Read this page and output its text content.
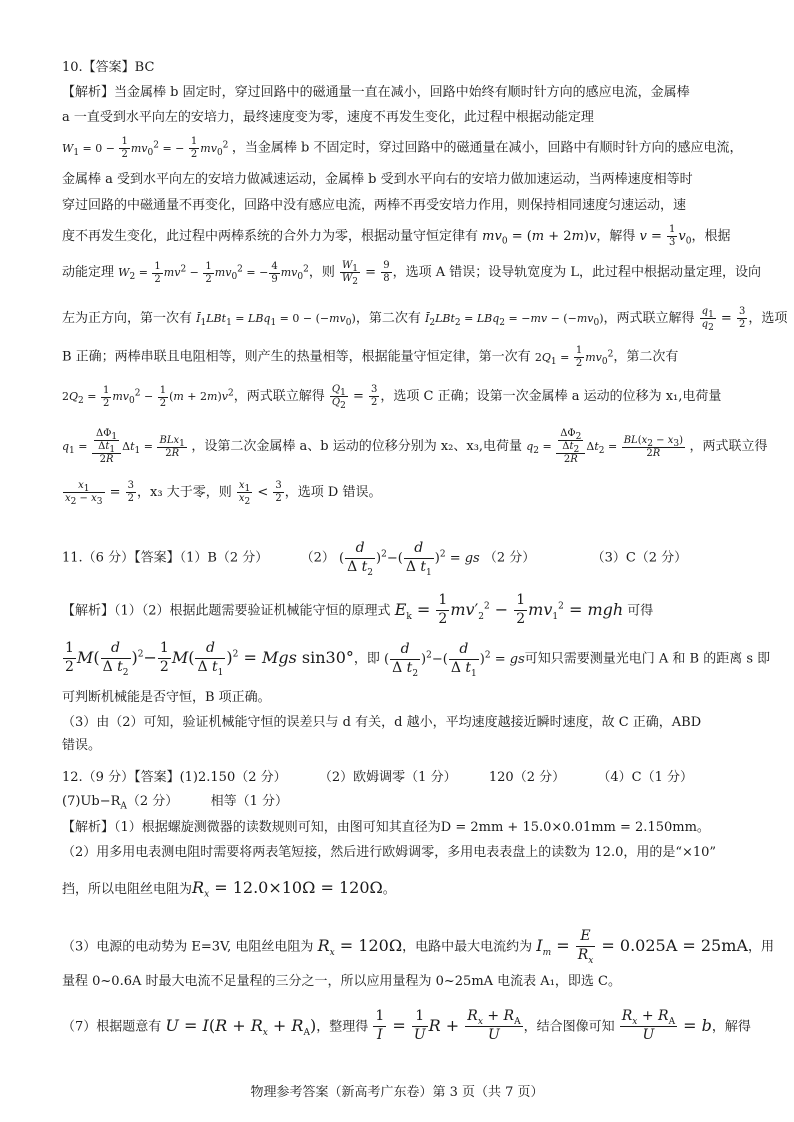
10.【答案】BC
【解析】当金属棒 b 固定时，穿过回路中的磁通量一直在减小，回路中始终有顺时针方向的感应电流，金属棒
a 一直受到水平向左的安培力，最终速度变为零，速度不再发生变化，此过程中根据动能定理
$W_1 = 0 - \frac{1}{2} mv_0^2$ = − $\frac{1}{2} mv_0^2$ ，当金属棒 b 不固定时，穿过回路中的磁通量在减小，回路中有顺时针方向的感应电流，
金属棒 a 受到水平向左的安培力做减速运动，金属棒 b 受到水平向右的安培力做加速运动，当两棒速度相等时
穿过回路的中磁通量不再变化，回路中没有感应电流，两棒不再受安培力作用，则保持相同速度匀速运动，速
度不再发生变化，此过程中两棒系统的合外力为零，根据动量守恒定律有 $mv_0 = (m + 2m)v$，解得 $v = \frac{1}{3} v_0$，根据
动能定理 $W_2 = \frac{1}{2} mv^2 - \frac{1}{2} mv_0^2$ = − $\frac{4}{9} mv_0^2$，则 $\frac{W_1}{W_2} = \frac{9}{8}$ ，选项 A 错误；设导轨宽度为 L，此过程中根据动量定理，设向
左为正方向，第一次有 $Ī_1LBt_1 = LBq_1 = 0 - (-mv_0)$，第二次有 $Ī_2LBt_2 = LBq_2 = -mv - (-mv_0)$，两式联立解得 $\frac{q_1}{q_2} = \frac{3}{2}$ ，选项
B 正确；两棒串联且电阻相等，则产生的热量相等，根据能量守恒定律，第一次有 $2Q_1 = \frac{1}{2} mv_0^2$，第二次有
$2Q_2 = \frac{1}{2} mv_0^2 - \frac{1}{2} (m + 2m)v^2$，两式联立解得 $\frac{Q_1}{Q_2} = \frac{3}{2}$ ，选项 C 正确；设第一次金属棒 a 运动的位移为 x₁,电荷量
$q_1 = \frac{\frac{\Delta\Phi_1}{\Delta t_1}}{2R} \Delta t_1 = \frac{BLx_1}{2R}$ ，设第二次金属棒 a、b 运动的位移分别为 x₂、x₃,电荷量 $q_2 = \frac{\frac{\Delta\Phi_2}{\Delta t_2}}{2R} \Delta t_2 = \frac{BL(x_2 - x_3)}{2R}$ ，两式联立得
$\frac{x_1}{x_2 - x_3} = \frac{3}{2}$ ，x₃ 大于零，则 $\frac{x_1}{x_2} < \frac{3}{2}$ ，选项 D 错误。
11.（6 分）【答案】（1）B（2 分） （2） ( $\frac{d}{\Delta t_2} )^2-( \frac{d}{\Delta t_1} )^2$ = gs （2 分）	（3）C（2 分）
【解析】（1）（2）根据此题需要验证机械能守恒的原理式 $E_k = \frac{1}{2} mv'_2^2 - \frac{1}{2} mv_1^2$ = mgh 可得
$\frac{1}{2} M( \frac{d}{\Delta t_2} )^2- \frac{1}{2} M( \frac{d}{\Delta t_1} )^2$ = Mgs sin30°，即 ( $\frac{d}{\Delta t_2} )^2-( \frac{d}{\Delta t_1} )^2$ = gs可知只需要测量光电门 A 和 B 的距离 s 即
可判断机械能是否守恒，B 项正确。
（3）由（2）可知，验证机械能守恒的误差只与 d 有关，d 越小，平均速度越接近瞬时速度，故 C 正确，ABD
错误。
12.（9 分）【答案】(1)2.150（2 分） （2）欧姆调零（1 分） 120（2 分） （4）C（1 分）
$(7)Ub-R_A(2$ 分） 相等（1 分）
【解析】（1）根据螺旋测微器的读数规则可知，由图可知其直径为D = 2mm + 15.0×0.01mm = 2.150mm。
（2）用多用电表测电阻时需要将两表笔短接，然后进行欧姆调零，多用电表表盘上的读数为 12.0，用的是“×10”
挡，所以电阻丝电阻为$R_x = 12.0\times 10\Omega = 120\Omega$。
（3）电源的电动势为 E=3V, 电阻丝电阻为 $R_x = 120\Omega$，电路中最大电流约为 $I_m = \frac{E}{R_x} = 0.025A = 25mA$，用
量程 0~0.6A 时最大电流不足量程的三分之一，所以应用量程为 0~25mA 电流表 A₁，即选 C。
（7）根据题意有 $U = I(R + R_x + R_A)$，整理得 $\frac{1}{I} = \frac{1}{U}$ $R + \frac{R_x + R_A}{U}$ ，结合图像可知 $\frac{R_x + R_A}{U} = b$，解得
物理参考答案（新高考广东卷）第 3 页（共 7 页）
